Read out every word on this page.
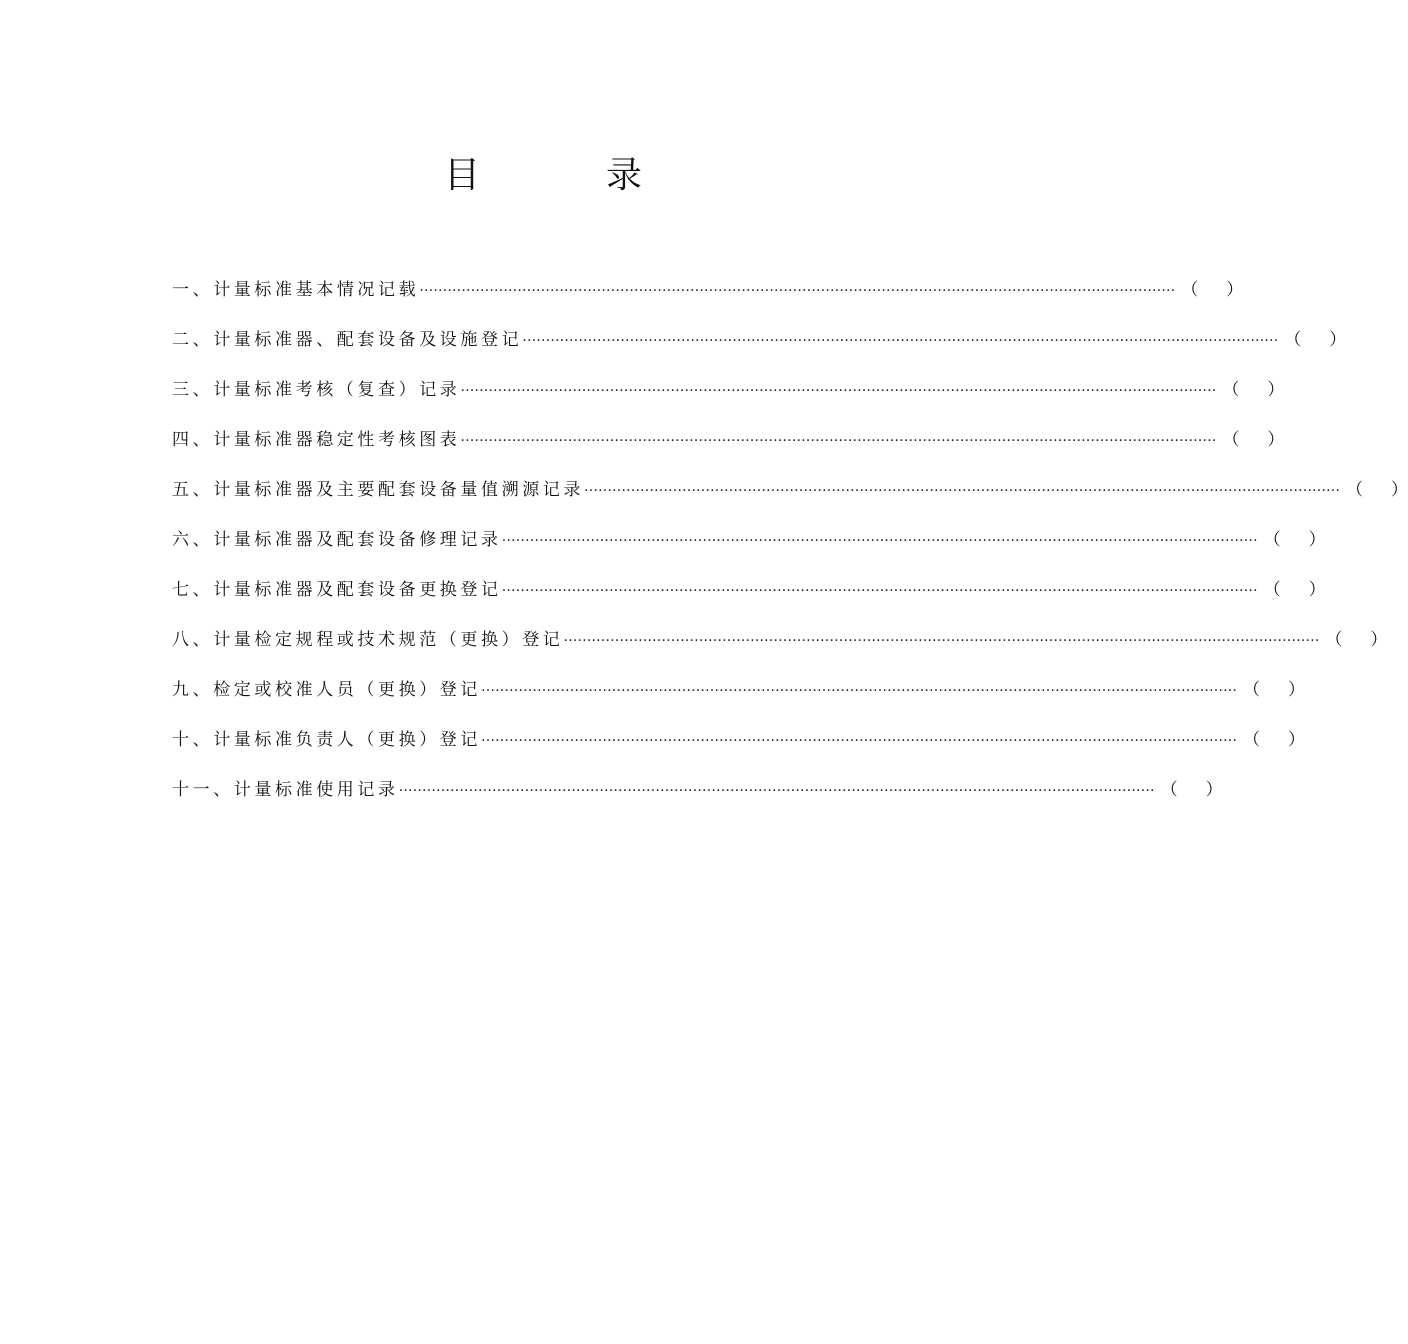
目	录
一、计量标准基本情况记载 ……………………………………………………………………………………………………………………………………………… （ ）
二、计量标准器、配套设备及设施登记 ……………………………………………………………………………………………………………………………………………… （ ）
三、计量标准考核（复查）记录 ……………………………………………………………………………………………………………………………………………… （ ）
四、计量标准器稳定性考核图表 ……………………………………………………………………………………………………………………………………………… （ ）
五、计量标准器及主要配套设备量值溯源记录 ……………………………………………………………………………………………………………………………………………… （ ）
六、计量标准器及配套设备修理记录 ……………………………………………………………………………………………………………………………………………… （ ）
七、计量标准器及配套设备更换登记 ……………………………………………………………………………………………………………………………………………… （ ）
八、计量检定规程或技术规范（更换）登记 ……………………………………………………………………………………………………………………………………………… （ ）
九、检定或校准人员（更换）登记 ……………………………………………………………………………………………………………………………………………… （ ）
十、计量标准负责人（更换）登记 ……………………………………………………………………………………………………………………………………………… （ ）
十一、计量标准使用记录 ……………………………………………………………………………………………………………………………………………… （ ）
